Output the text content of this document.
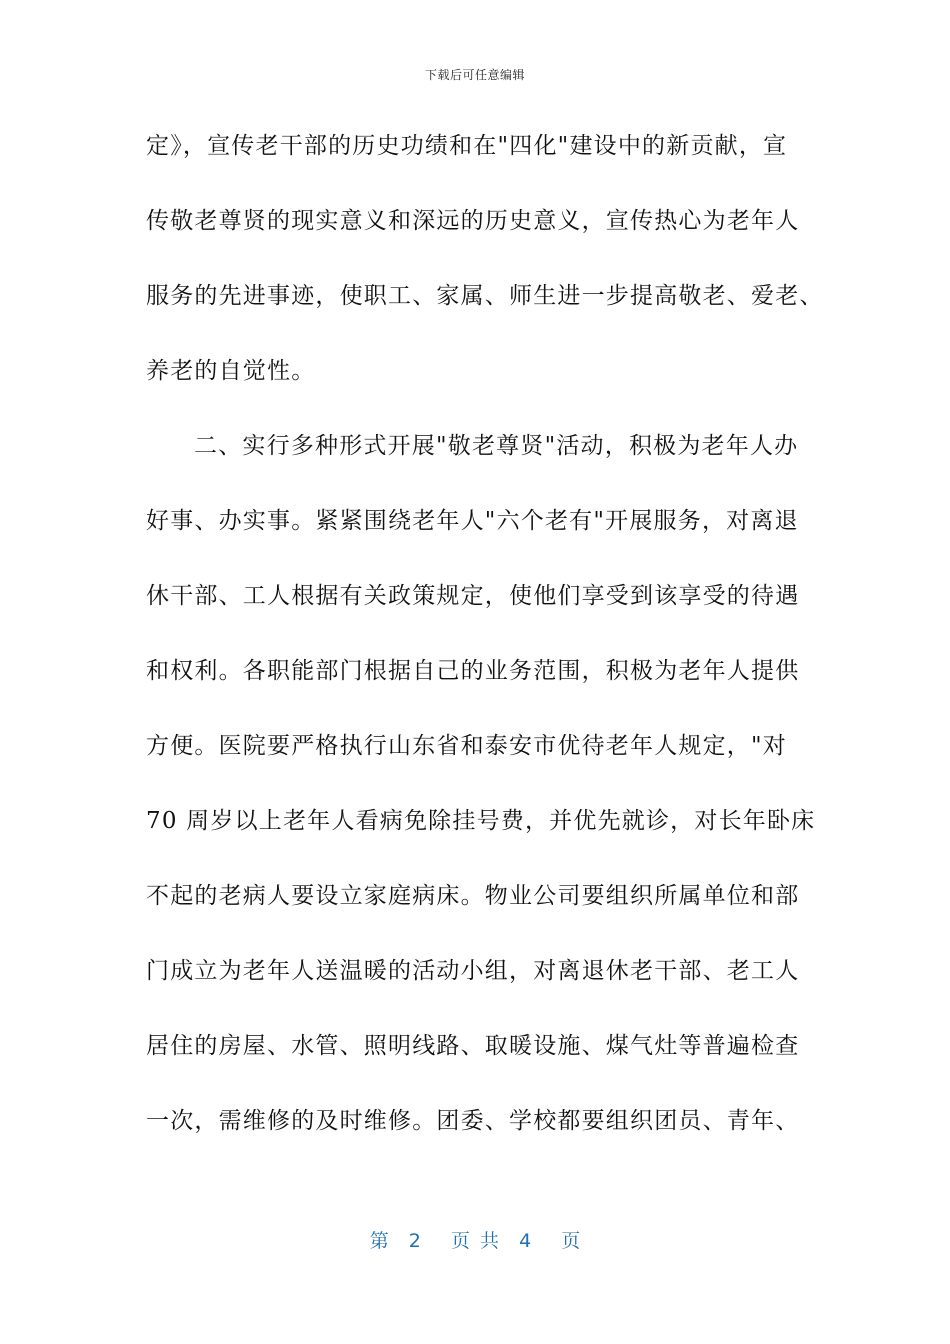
下载后可任意编辑
定》，宣传老干部的历史功绩和在"四化"建设中的新贡献，宣
传敬老尊贤的现实意义和深远的历史意义，宣传热心为老年人
服务的先进事迹，使职工、家属、师生进一步提高敬老、爱老、
养老的自觉性。
二、实行多种形式开展"敬老尊贤"活动，积极为老年人办
好事、办实事。紧紧围绕老年人"六个老有"开展服务，对离退
休干部、工人根据有关政策规定，使他们享受到该享受的待遇
和权利。各职能部门根据自己的业务范围，积极为老年人提供
方便。医院要严格执行山东省和泰安市优待老年人规定，"对
70 周岁以上老年人看病免除挂号费，并优先就诊，对长年卧床
不起的老病人要设立家庭病床。物业公司要组织所属单位和部
门成立为老年人送温暖的活动小组，对离退休老干部、老工人
居住的房屋、水管、照明线路、取暖设施、煤气灶等普遍检查
一次，需维修的及时维修。团委、学校都要组织团员、青年、
第  2   页 共  4   页
